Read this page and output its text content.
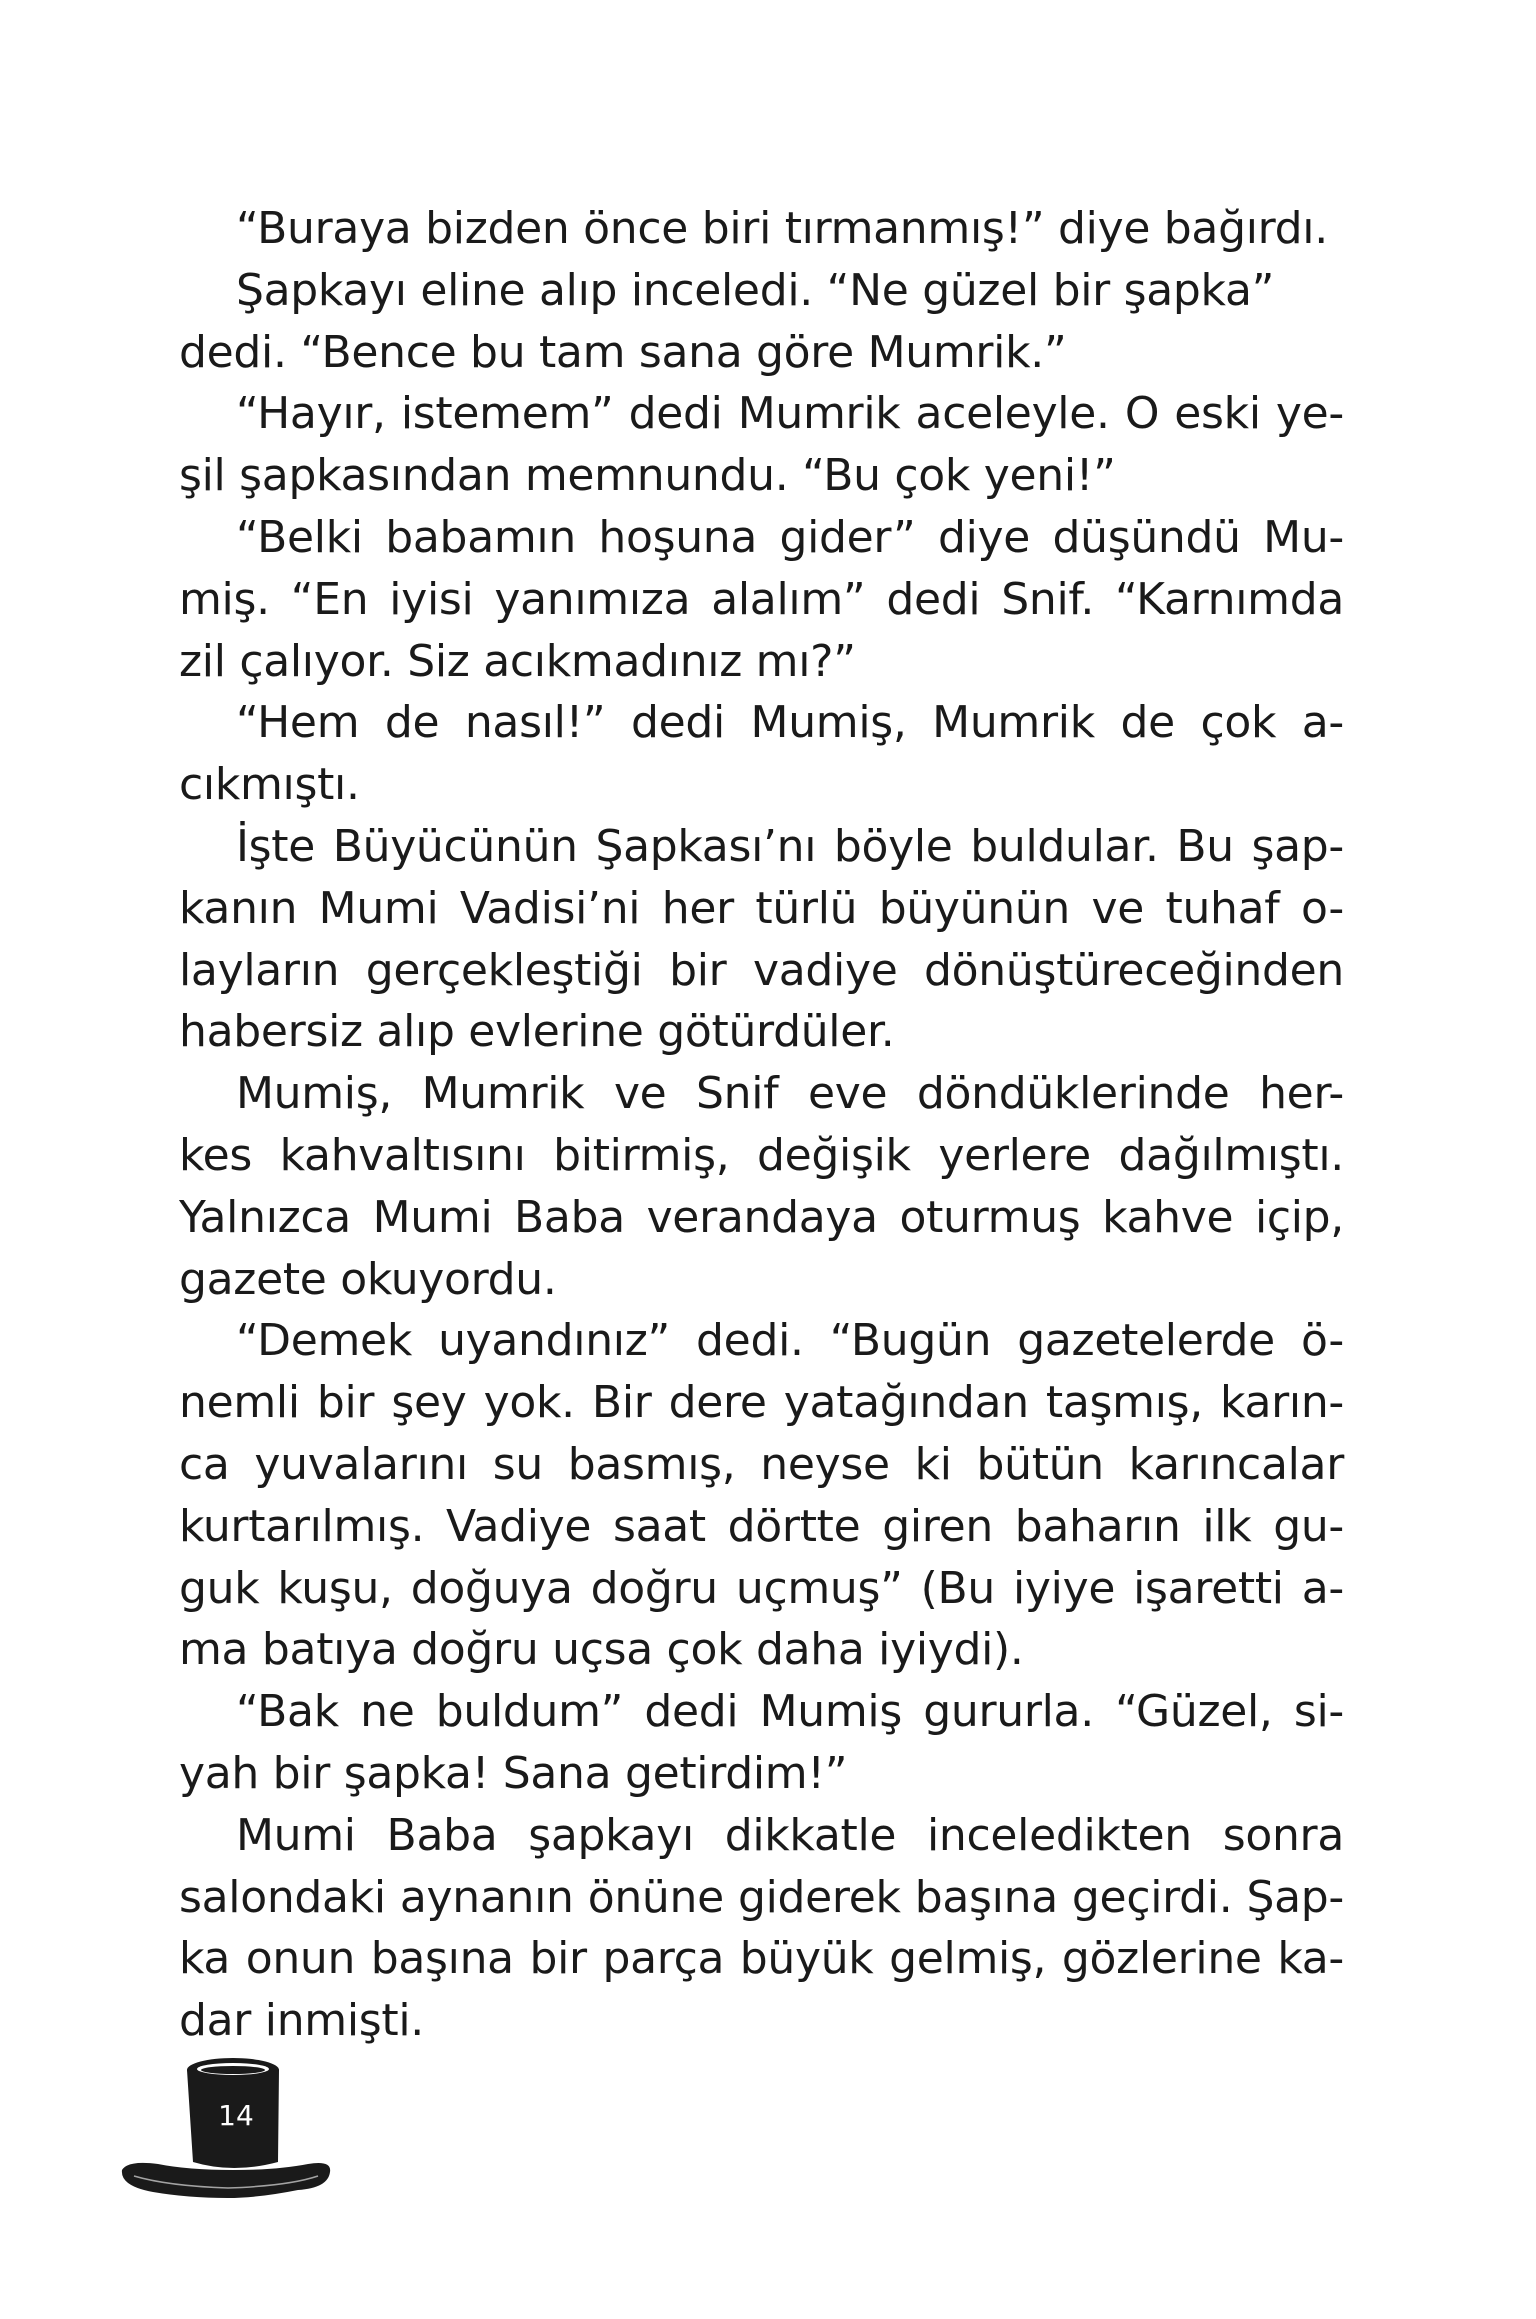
“Buraya bizden önce biri tırmanmış!” diye bağırdı.
Şapkayı eline alıp inceledi. “Ne güzel bir şapka”
dedi. “Bence bu tam sana göre Mumrik.”
“Hayır, istemem” dedi Mumrik aceleyle. O eski ye-
şil şapkasından memnundu. “Bu çok yeni!”
“Belki babamın hoşuna gider” diye düşündü Mu-
miş. “En iyisi yanımıza alalım” dedi Snif. “Karnımda
zil çalıyor. Siz acıkmadınız mı?”
“Hem de nasıl!” dedi Mumiş, Mumrik de çok a-
cıkmıştı.
İşte Büyücünün Şapkası’nı böyle buldular. Bu şap-
kanın Mumi Vadisi’ni her türlü büyünün ve tuhaf o-
layların gerçekleştiği bir vadiye dönüştüreceğinden
habersiz alıp evlerine götürdüler.
Mumiş, Mumrik ve Snif eve döndüklerinde her-
kes kahvaltısını bitirmiş, değişik yerlere dağılmıştı.
Yalnızca Mumi Baba verandaya oturmuş kahve içip,
gazete okuyordu.
“Demek uyandınız” dedi. “Bugün gazetelerde ö-
nemli bir şey yok. Bir dere yatağından taşmış, karın-
ca yuvalarını su basmış, neyse ki bütün karıncalar
kurtarılmış. Vadiye saat dörtte giren baharın ilk gu-
guk kuşu, doğuya doğru uçmuş” (Bu iyiye işaretti a-
ma batıya doğru uçsa çok daha iyiydi).
“Bak ne buldum” dedi Mumiş gururla. “Güzel, si-
yah bir şapka! Sana getirdim!”
Mumi Baba şapkayı dikkatle inceledikten sonra
salondaki aynanın önüne giderek başına geçirdi. Şap-
ka onun başına bir parça büyük gelmiş, gözlerine ka-
dar inmişti.
14
